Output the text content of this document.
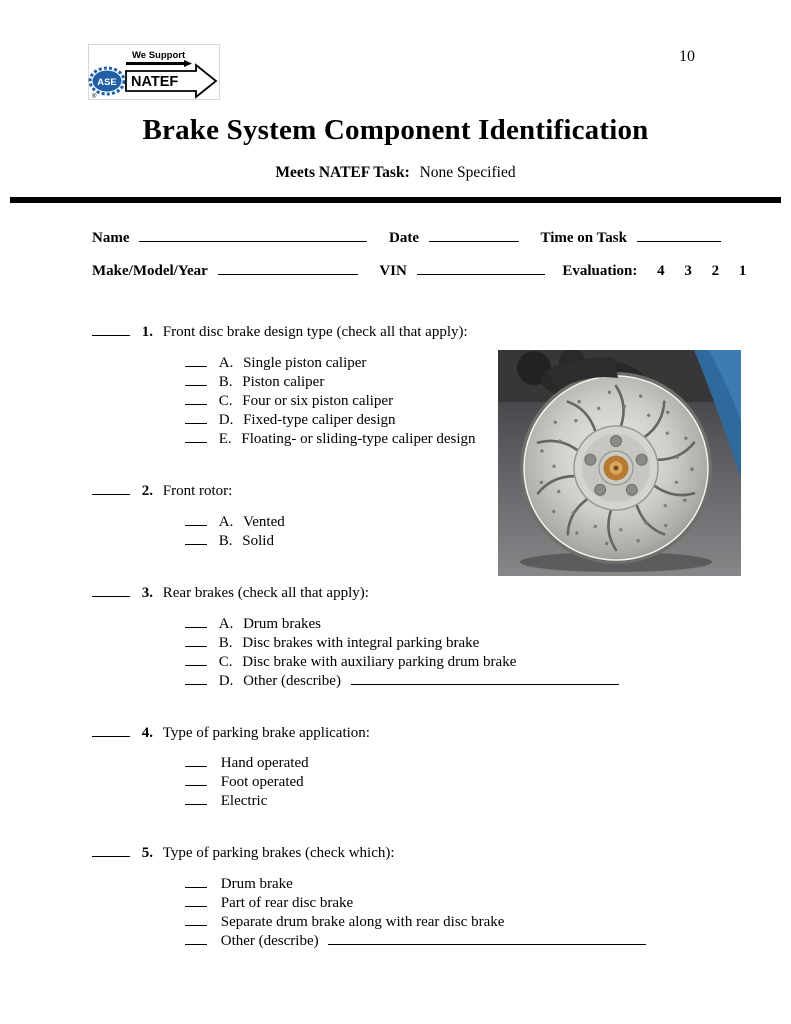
We Support
ASE
®
NATEF
10
Brake System Component Identification
Meets NATEF Task: None Specified
Name	Date	Time on Task
Make/Model/Year	VIN	Evaluation: 4 3 2 1
1. Front disc brake design type (check all that apply):
A. Single piston caliper
B. Piston caliper
C. Four or six piston caliper
D. Fixed-type caliper design
E. Floating- or sliding-type caliper design
2. Front rotor:
A. Vented
B. Solid
3. Rear brakes (check all that apply):
A. Drum brakes
B. Disc brakes with integral parking brake
C. Disc brake with auxiliary parking drum brake
D. Other (describe)
4. Type of parking brake application:
Hand operated
Foot operated
Electric
5. Type of parking brakes (check which):
Drum brake
Part of rear disc brake
Separate drum brake along with rear disc brake
Other (describe)
